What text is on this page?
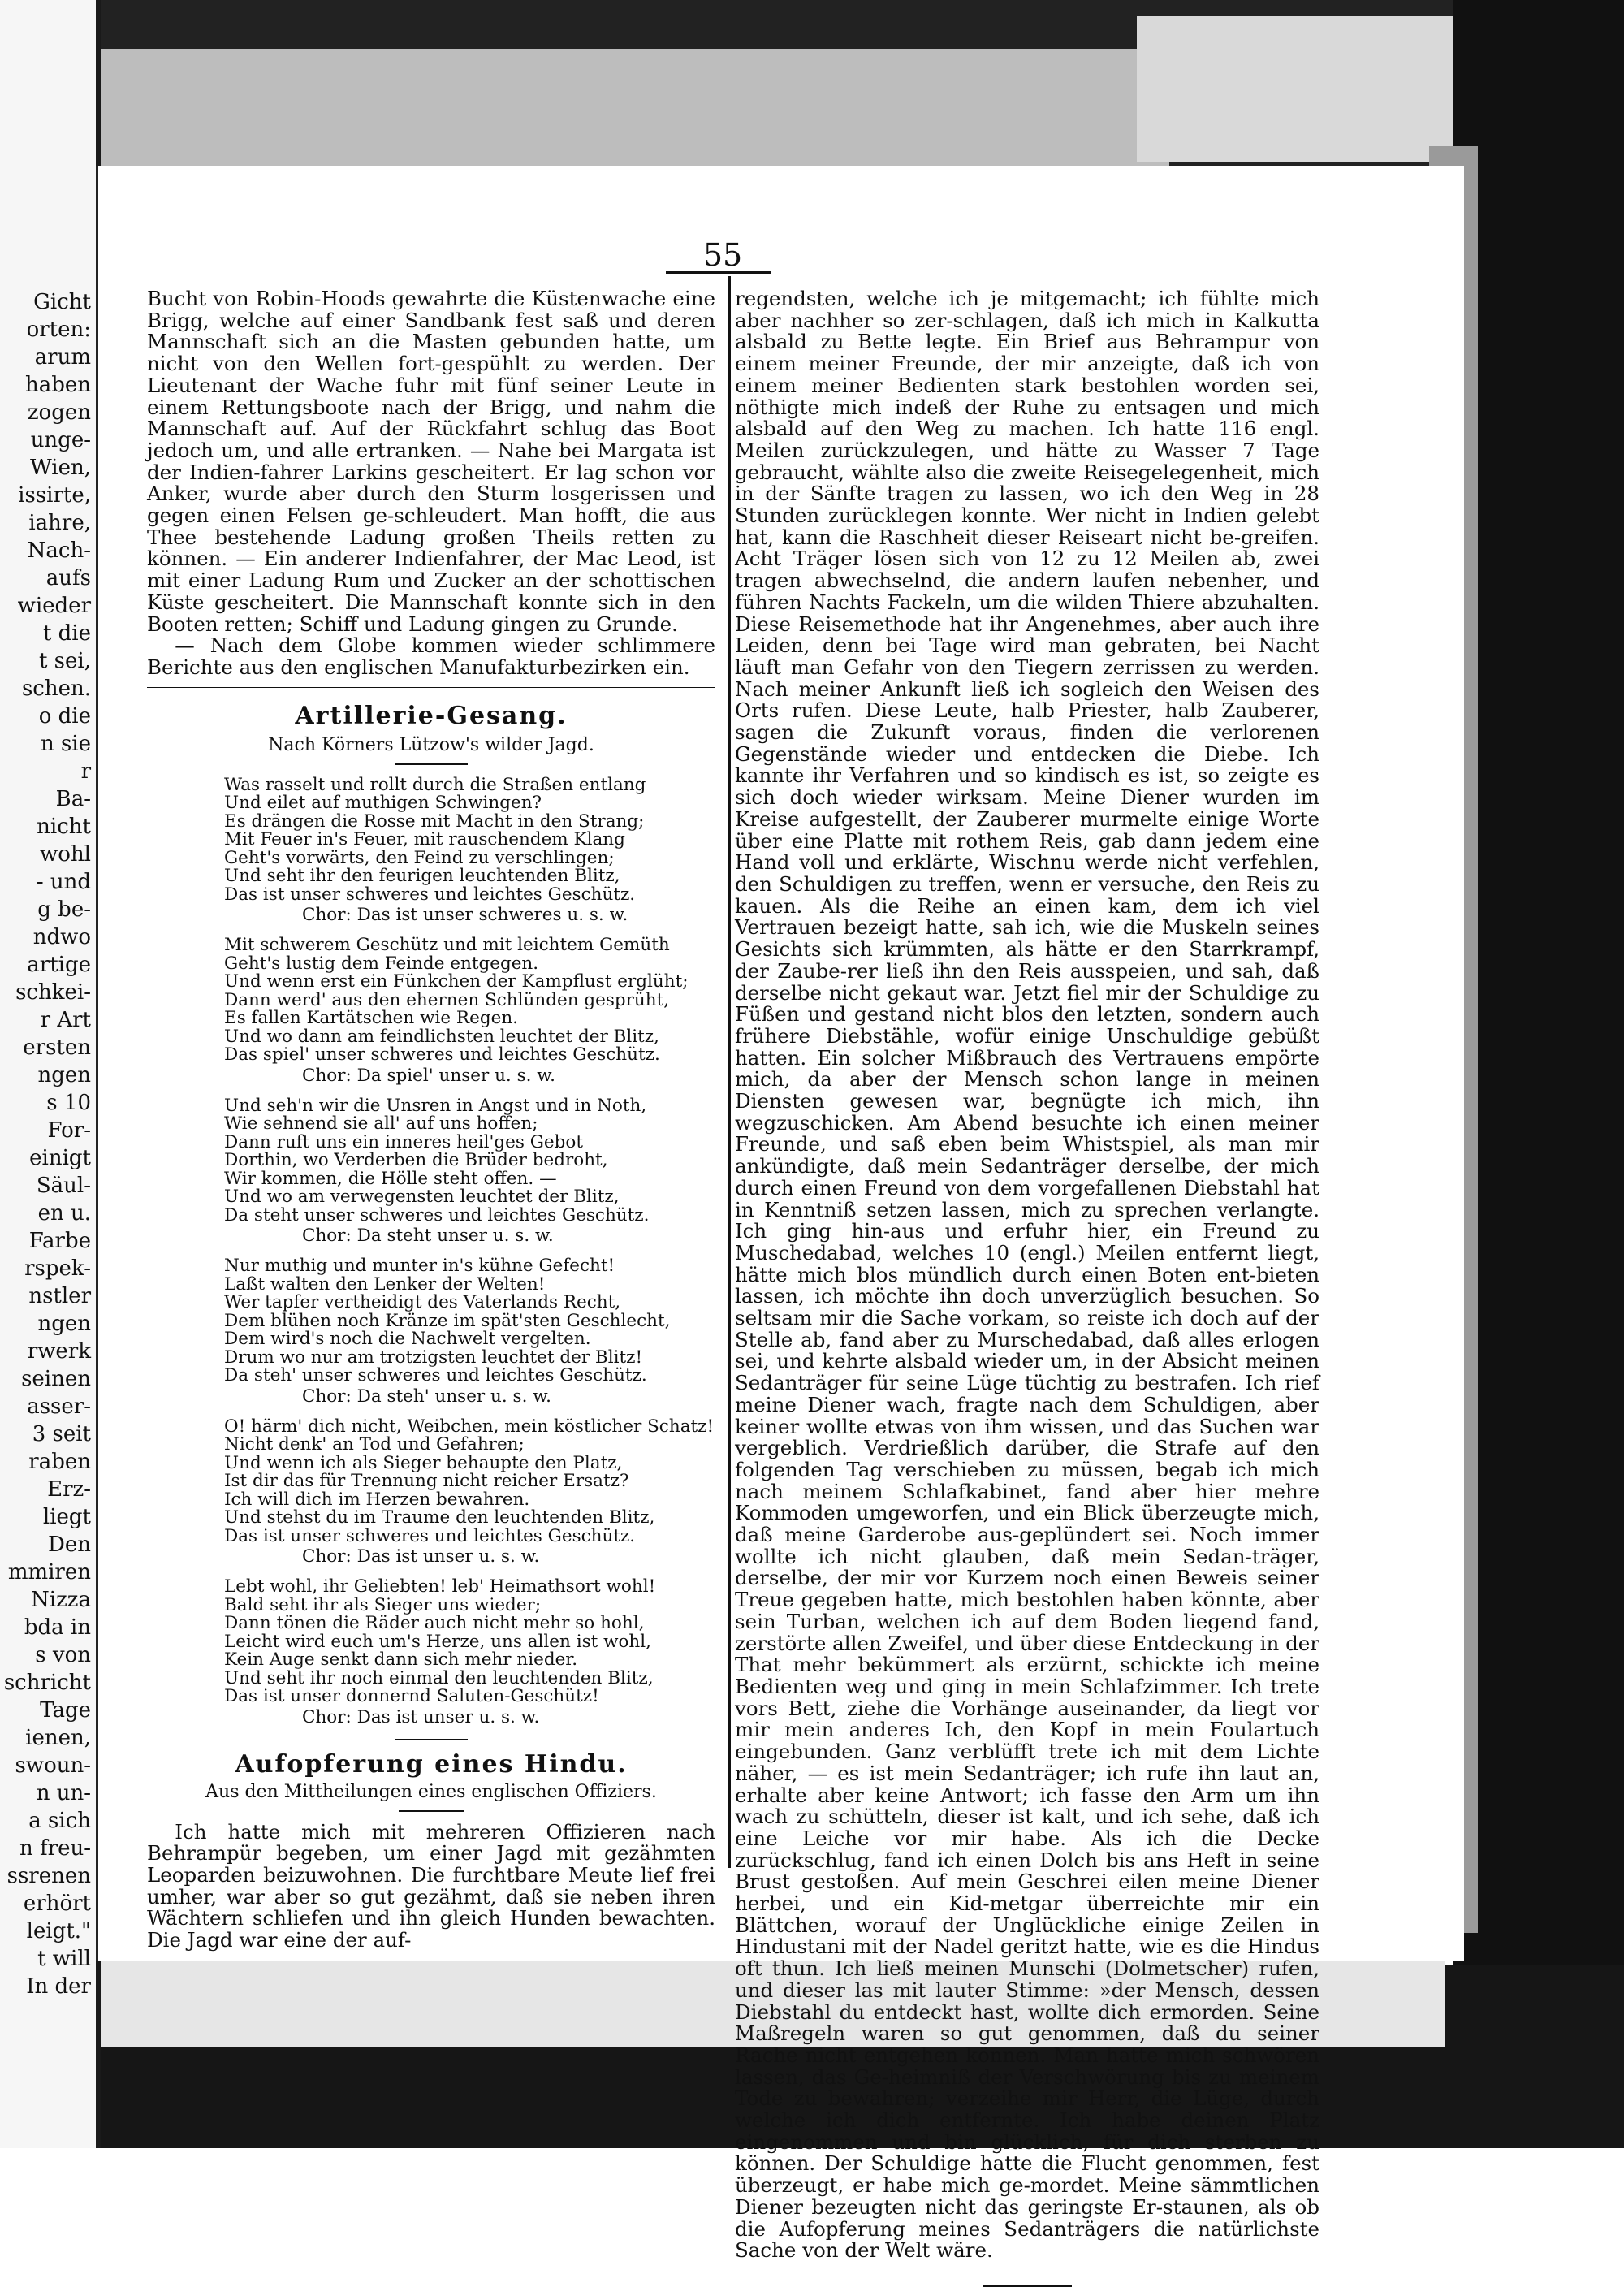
Gicht
orten:
arum
haben
zogen
unge-
Wien,
issirte,
iahre,
Nach-
aufs
wieder
t die
t sei,
schen.
o die
n sie
r
Ba-
nicht
wohl
- und
g be-
ndwo
artige
schkei-
r Art
ersten
ngen
s 10
For-
einigt
Säul-
en u.
Farbe
rspek-
nstler
ngen
rwerk
seinen
asser-
3 seit
raben
Erz-
liegt
Den
mmiren
Nizza
bda in
s von
schricht
Tage
ienen,
swoun-
n un-
a sich
n freu-
ssrenen
erhört
leigt."
t will
In der
55

Bucht von Robin-Hoods gewahrte die Küstenwache eine Brigg, welche auf einer Sandbank fest saß und deren Mannschaft sich an die Masten gebunden hatte, um nicht von den Wellen fort-gespühlt zu werden. Der Lieutenant der Wache fuhr mit fünf seiner Leute in einem Rettungsboote nach der Brigg, und nahm die Mannschaft auf. Auf der Rückfahrt schlug das Boot jedoch um, und alle ertranken. — Nahe bei Margata ist der Indien-fahrer Larkins gescheitert. Er lag schon vor Anker, wurde aber durch den Sturm losgerissen und gegen einen Felsen ge-schleudert. Man hofft, die aus Thee bestehende Ladung großen Theils retten zu können. — Ein anderer Indienfahrer, der Mac Leod, ist mit einer Ladung Rum und Zucker an der schottischen Küste gescheitert. Die Mannschaft konnte sich in den Booten retten; Schiff und Ladung gingen zu Grunde.

— Nach dem Globe kommen wieder schlimmere Berichte aus den englischen Manufakturbezirken ein.

Artillerie-Gesang.

Nach Körners Lützow's wilder Jagd.

Was rasselt und rollt durch die Straßen entlang
Und eilet auf muthigen Schwingen?
Es drängen die Rosse mit Macht in den Strang;
Mit Feuer in's Feuer, mit rauschendem Klang
Geht's vorwärts, den Feind zu verschlingen;
Und seht ihr den feurigen leuchtenden Blitz,
Das ist unser schweres und leichtes Geschütz.
Chor: Das ist unser schweres u. s. w.
Mit schwerem Geschütz und mit leichtem Gemüth
Geht's lustig dem Feinde entgegen.
Und wenn erst ein Fünkchen der Kampflust erglüht;
Dann werd' aus den ehernen Schlünden gesprüht,
Es fallen Kartätschen wie Regen.
Und wo dann am feindlichsten leuchtet der Blitz,
Das spiel' unser schweres und leichtes Geschütz.
Chor: Da spiel' unser u. s. w.
Und seh'n wir die Unsren in Angst und in Noth,
Wie sehnend sie all' auf uns hoffen;
Dann ruft uns ein inneres heil'ges Gebot
Dorthin, wo Verderben die Brüder bedroht,
Wir kommen, die Hölle steht offen. —
Und wo am verwegensten leuchtet der Blitz,
Da steht unser schweres und leichtes Geschütz.
Chor: Da steht unser u. s. w.
Nur muthig und munter in's kühne Gefecht!
Laßt walten den Lenker der Welten!
Wer tapfer vertheidigt des Vaterlands Recht,
Dem blühen noch Kränze im spät'sten Geschlecht,
Dem wird's noch die Nachwelt vergelten.
Drum wo nur am trotzigsten leuchtet der Blitz!
Da steh' unser schweres und leichtes Geschütz.
Chor: Da steh' unser u. s. w.
O! härm' dich nicht, Weibchen, mein köstlicher Schatz!
Nicht denk' an Tod und Gefahren;
Und wenn ich als Sieger behaupte den Platz,
Ist dir das für Trennung nicht reicher Ersatz?
Ich will dich im Herzen bewahren.
Und stehst du im Traume den leuchtenden Blitz,
Das ist unser schweres und leichtes Geschütz.
Chor: Das ist unser u. s. w.
Lebt wohl, ihr Geliebten! leb' Heimathsort wohl!
Bald seht ihr als Sieger uns wieder;
Dann tönen die Räder auch nicht mehr so hohl,
Leicht wird euch um's Herze, uns allen ist wohl,
Kein Auge senkt dann sich mehr nieder.
Und seht ihr noch einmal den leuchtenden Blitz,
Das ist unser donnernd Saluten-Geschütz!
Chor: Das ist unser u. s. w.

Aufopferung eines Hindu.

Aus den Mittheilungen eines englischen Offiziers.

Ich hatte mich mit mehreren Offizieren nach Behrampür begeben, um einer Jagd mit gezähmten Leoparden beizuwohnen. Die furchtbare Meute lief frei umher, war aber so gut gezähmt, daß sie neben ihren Wächtern schliefen und ihn gleich Hunden bewachten. Die Jagd war eine der auf-

regendsten, welche ich je mitgemacht; ich fühlte mich aber nachher so zer-schlagen, daß ich mich in Kalkutta alsbald zu Bette legte. Ein Brief aus Behrampur von einem meiner Freunde, der mir anzeigte, daß ich von einem meiner Bedienten stark bestohlen worden sei, nöthigte mich indeß der Ruhe zu entsagen und mich alsbald auf den Weg zu machen. Ich hatte 116 engl. Meilen zurückzulegen, und hätte zu Wasser 7 Tage gebraucht, wählte also die zweite Reisegelegenheit, mich in der Sänfte tragen zu lassen, wo ich den Weg in 28 Stunden zurücklegen konnte. Wer nicht in Indien gelebt hat, kann die Raschheit dieser Reiseart nicht be-greifen. Acht Träger lösen sich von 12 zu 12 Meilen ab, zwei tragen abwechselnd, die andern laufen nebenher, und führen Nachts Fackeln, um die wilden Thiere abzuhalten. Diese Reisemethode hat ihr Angenehmes, aber auch ihre Leiden, denn bei Tage wird man gebraten, bei Nacht läuft man Gefahr von den Tiegern zerrissen zu werden. Nach meiner Ankunft ließ ich sogleich den Weisen des Orts rufen. Diese Leute, halb Priester, halb Zauberer, sagen die Zukunft voraus, finden die verlorenen Gegenstände wieder und entdecken die Diebe. Ich kannte ihr Verfahren und so kindisch es ist, so zeigte es sich doch wieder wirksam. Meine Diener wurden im Kreise aufgestellt, der Zauberer murmelte einige Worte über eine Platte mit rothem Reis, gab dann jedem eine Hand voll und erklärte, Wischnu werde nicht verfehlen, den Schuldigen zu treffen, wenn er versuche, den Reis zu kauen. Als die Reihe an einen kam, dem ich viel Vertrauen bezeigt hatte, sah ich, wie die Muskeln seines Gesichts sich krümmten, als hätte er den Starrkrampf, der Zaube-rer ließ ihn den Reis ausspeien, und sah, daß derselbe nicht gekaut war. Jetzt fiel mir der Schuldige zu Füßen und gestand nicht blos den letzten, sondern auch frühere Diebstähle, wofür einige Unschuldige gebüßt hatten. Ein solcher Mißbrauch des Vertrauens empörte mich, da aber der Mensch schon lange in meinen Diensten gewesen war, begnügte ich mich, ihn wegzuschicken. Am Abend besuchte ich einen meiner Freunde, und saß eben beim Whistspiel, als man mir ankündigte, daß mein Sedanträger derselbe, der mich durch einen Freund von dem vorgefallenen Diebstahl hat in Kenntniß setzen lassen, mich zu sprechen verlangte. Ich ging hin-aus und erfuhr hier, ein Freund zu Muschedabad, welches 10 (engl.) Meilen entfernt liegt, hätte mich blos mündlich durch einen Boten ent-bieten lassen, ich möchte ihn doch unverzüglich besuchen. So seltsam mir die Sache vorkam, so reiste ich doch auf der Stelle ab, fand aber zu Murschedabad, daß alles erlogen sei, und kehrte alsbald wieder um, in der Absicht meinen Sedanträger für seine Lüge tüchtig zu bestrafen. Ich rief meine Diener wach, fragte nach dem Schuldigen, aber keiner wollte etwas von ihm wissen, und das Suchen war vergeblich. Verdrießlich darüber, die Strafe auf den folgenden Tag verschieben zu müssen, begab ich mich nach meinem Schlafkabinet, fand aber hier mehre Kommoden umgeworfen, und ein Blick überzeugte mich, daß meine Garderobe aus-geplündert sei. Noch immer wollte ich nicht glauben, daß mein Sedan-träger, derselbe, der mir vor Kurzem noch einen Beweis seiner Treue gegeben hatte, mich bestohlen haben könnte, aber sein Turban, welchen ich auf dem Boden liegend fand, zerstörte allen Zweifel, und über diese Entdeckung in der That mehr bekümmert als erzürnt, schickte ich meine Bedienten weg und ging in mein Schlafzimmer. Ich trete vors Bett, ziehe die Vorhänge auseinander, da liegt vor mir mein anderes Ich, den Kopf in mein Foulartuch eingebunden. Ganz verblüfft trete ich mit dem Lichte näher, — es ist mein Sedanträger; ich rufe ihn laut an, erhalte aber keine Antwort; ich fasse den Arm um ihn wach zu schütteln, dieser ist kalt, und ich sehe, daß ich eine Leiche vor mir habe. Als ich die Decke zurückschlug, fand ich einen Dolch bis ans Heft in seine Brust gestoßen. Auf mein Geschrei eilen meine Diener herbei, und ein Kid-metgar überreichte mir ein Blättchen, worauf der Unglückliche einige Zeilen in Hindustani mit der Nadel geritzt hatte, wie es die Hindus oft thun. Ich ließ meinen Munschi (Dolmetscher) rufen, und dieser las mit lauter Stimme: »der Mensch, dessen Diebstahl du entdeckt hast, wollte dich ermorden. Seine Maßregeln waren so gut genommen, daß du seiner Rache nicht entgehen können. Man hatte mich schwören lassen, das Ge-heimniß der Verschwörung bis zu meinem Tode zu bewahren; verzeihe mir Herr, die Lüge, durch welche ich dich entfernte. Ich habe deinen Platz eingenommen und bin glücklich, für dich sterben zu können. Der Schuldige hatte die Flucht genommen, fest überzeugt, er habe mich ge-mordet. Meine sämmtlichen Diener bezeugten nicht das geringste Er-staunen, als ob die Aufopferung meines Sedanträgers die natürlichste Sache von der Welt wäre.
